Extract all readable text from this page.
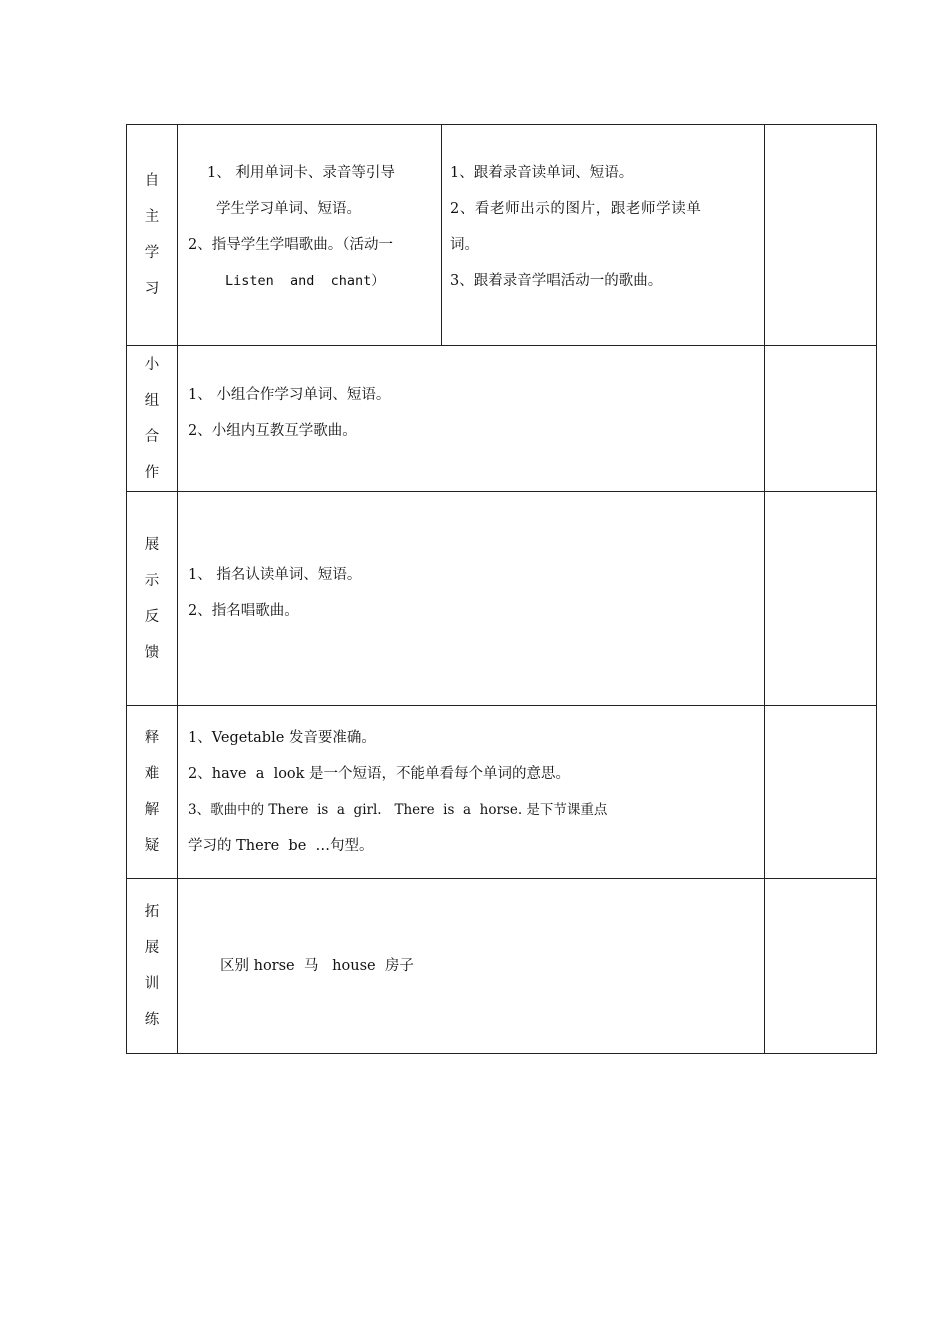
自
主
学
习	1、 利用单词卡、录音等引导
学生学习单词、短语。
2、指导学生学唱歌曲。（活动一
Listen  and  chant）	1、跟着录音读单词、短语。
2、看老师出示的图片，跟老师学读单
词。
3、跟着录音学唱活动一的歌曲。	

小
组
合
作	1、 小组合作学习单词、短语。
2、小组内互教互学歌曲。		

展
示
反
馈	1、 指名认读单词、短语。
2、指名唱歌曲。		

释
难
解
疑	1、Vegetable 发音要准确。
2、have  a  look 是一个短语，不能单看每个单词的意思。
3、歌曲中的 There  is  a  girl.   There  is  a  horse. 是下节课重点
学习的 There  be  …句型。		

拓
展
训
练	区别 horse  马   house  房子		
